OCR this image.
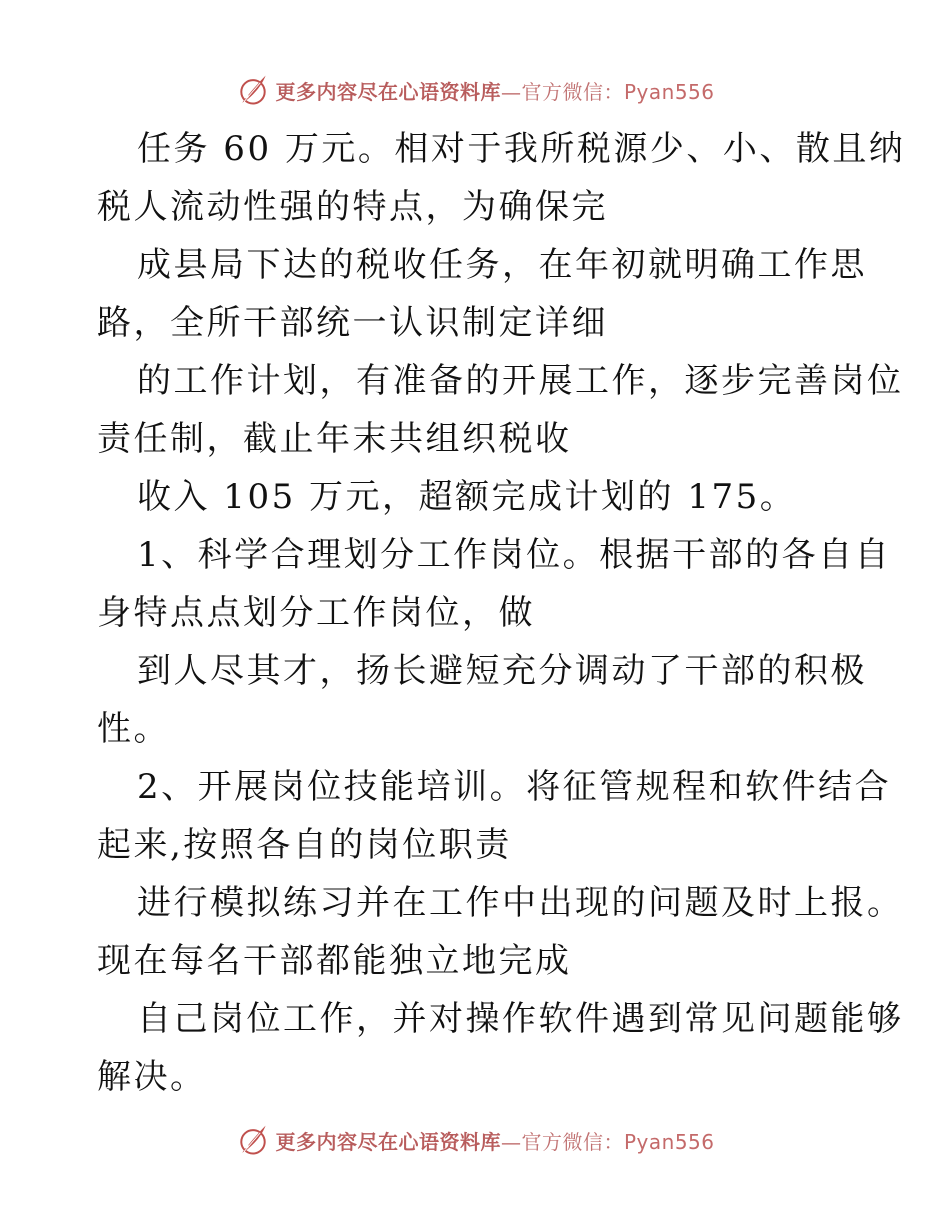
更多内容尽在心语资料库—官方微信：Pyan556
任务 60 万元。相对于我所税源少、小、散且纳
税人流动性强的特点，为确保完
成县局下达的税收任务，在年初就明确工作思
路，全所干部统一认识制定详细
的工作计划，有准备的开展工作，逐步完善岗位
责任制，截止年末共组织税收
收入 105 万元，超额完成计划的 175。
1、科学合理划分工作岗位。根据干部的各自自
身特点点划分工作岗位，做
到人尽其才，扬长避短充分调动了干部的积极
性。
2、开展岗位技能培训。将征管规程和软件结合
起来,按照各自的岗位职责
进行模拟练习并在工作中出现的问题及时上报。
现在每名干部都能独立地完成
自己岗位工作，并对操作软件遇到常见问题能够
解决。
更多内容尽在心语资料库—官方微信：Pyan556
